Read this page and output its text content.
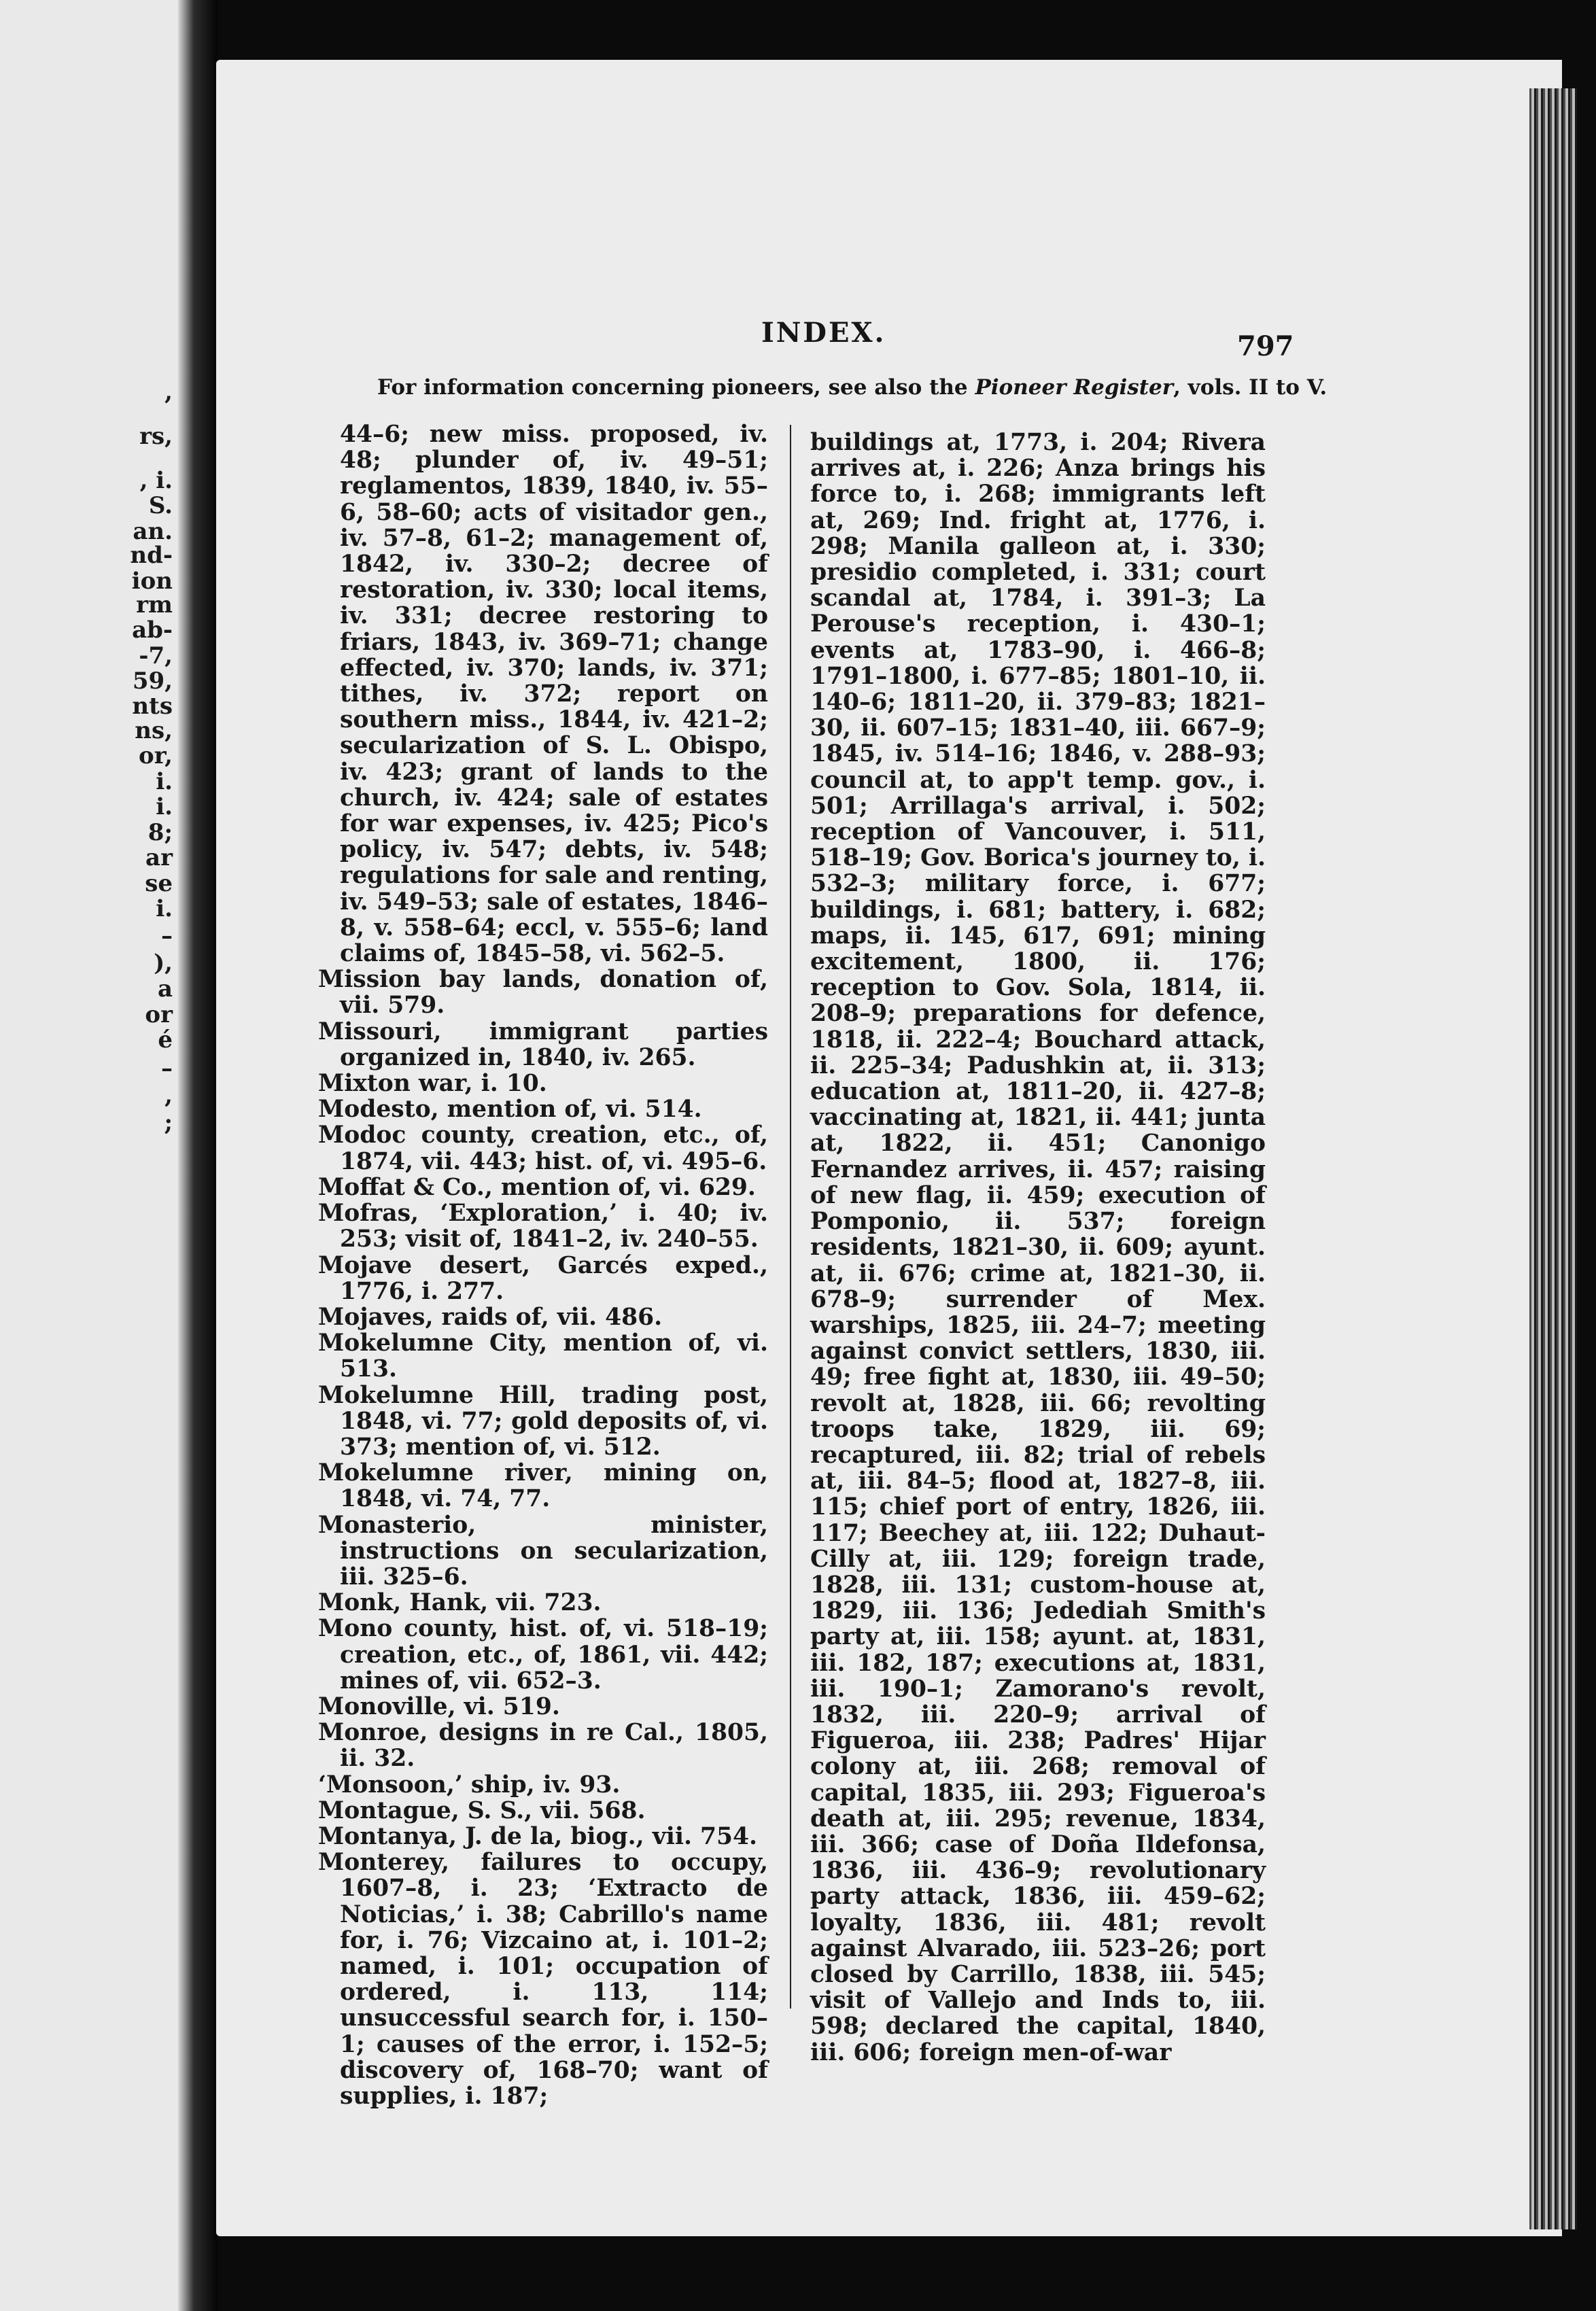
,
rs,
, i.
S.
an.
nd-
ion
rm
ab-
-7,
59,
nts
ns,
or,
i.
i.
8;
ar
se
i.
–
),
a
or
é
–
,
;
INDEX.	797
For information concerning pioneers, see also the Pioneer Register, vols. II to V.

44–6; new miss. proposed, iv. 48; plunder of, iv. 49–51; reglamentos, 1839, 1840, iv. 55–6, 58–60; acts of visitador gen., iv. 57–8, 61–2; management of, 1842, iv. 330–2; decree of restoration, iv. 330; local items, iv. 331; decree restoring to friars, 1843, iv. 369–71; change effected, iv. 370; lands, iv. 371; tithes, iv. 372; report on southern miss., 1844, iv. 421–2; secularization of S. L. Obispo, iv. 423; grant of lands to the church, iv. 424; sale of estates for war expenses, iv. 425; Pico's policy, iv. 547; debts, iv. 548; regulations for sale and renting, iv. 549–53; sale of estates, 1846–8, v. 558–64; eccl, v. 555–6; land claims of, 1845–58, vi. 562–5.

Mission bay lands, donation of, vii. 579.

Missouri, immigrant parties organized in, 1840, iv. 265.

Mixton war, i. 10.

Modesto, mention of, vi. 514.

Modoc county, creation, etc., of, 1874, vii. 443; hist. of, vi. 495–6.

Moffat & Co., mention of, vi. 629.

Mofras, ‘Exploration,’ i. 40; iv. 253; visit of, 1841–2, iv. 240–55.

Mojave desert, Garcés exped., 1776, i. 277.

Mojaves, raids of, vii. 486.

Mokelumne City, mention of, vi. 513.

Mokelumne Hill, trading post, 1848, vi. 77; gold deposits of, vi. 373; mention of, vi. 512.

Mokelumne river, mining on, 1848, vi. 74, 77.

Monasterio, minister, instructions on secularization, iii. 325–6.

Monk, Hank, vii. 723.

Mono county, hist. of, vi. 518–19; creation, etc., of, 1861, vii. 442; mines of, vii. 652–3.

Monoville, vi. 519.

Monroe, designs in re Cal., 1805, ii. 32.

‘Monsoon,’ ship, iv. 93.

Montague, S. S., vii. 568.

Montanya, J. de la, biog., vii. 754.

Monterey, failures to occupy, 1607–8, i. 23; ‘Extracto de Noticias,’ i. 38; Cabrillo's name for, i. 76; Vizcaino at, i. 101–2; named, i. 101; occupation of ordered, i. 113, 114; unsuccessful search for, i. 150–1; causes of the error, i. 152–5; discovery of, 168–70; want of supplies, i. 187;

buildings at, 1773, i. 204; Rivera arrives at, i. 226; Anza brings his force to, i. 268; immigrants left at, 269; Ind. fright at, 1776, i. 298; Manila galleon at, i. 330; presidio completed, i. 331; court scandal at, 1784, i. 391–3; La Perouse's reception, i. 430–1; events at, 1783–90, i. 466–8; 1791–1800, i. 677–85; 1801–10, ii. 140–6; 1811–20, ii. 379–83; 1821–30, ii. 607–15; 1831–40, iii. 667–9; 1845, iv. 514–16; 1846, v. 288–93; council at, to app't temp. gov., i. 501; Arrillaga's arrival, i. 502; reception of Vancouver, i. 511, 518–19; Gov. Borica's journey to, i. 532–3; military force, i. 677; buildings, i. 681; battery, i. 682; maps, ii. 145, 617, 691; mining excitement, 1800, ii. 176; reception to Gov. Sola, 1814, ii. 208–9; preparations for defence, 1818, ii. 222–4; Bouchard attack, ii. 225–34; Padushkin at, ii. 313; education at, 1811–20, ii. 427–8; vaccinating at, 1821, ii. 441; junta at, 1822, ii. 451; Canonigo Fernandez arrives, ii. 457; raising of new flag, ii. 459; execution of Pomponio, ii. 537; foreign residents, 1821–30, ii. 609; ayunt. at, ii. 676; crime at, 1821–30, ii. 678–9; surrender of Mex. warships, 1825, iii. 24–7; meeting against convict settlers, 1830, iii. 49; free fight at, 1830, iii. 49–50; revolt at, 1828, iii. 66; revolting troops take, 1829, iii. 69; recaptured, iii. 82; trial of rebels at, iii. 84–5; flood at, 1827–8, iii. 115; chief port of entry, 1826, iii. 117; Beechey at, iii. 122; Duhaut-Cilly at, iii. 129; foreign trade, 1828, iii. 131; custom-house at, 1829, iii. 136; Jedediah Smith's party at, iii. 158; ayunt. at, 1831, iii. 182, 187; executions at, 1831, iii. 190–1; Zamorano's revolt, 1832, iii. 220–9; arrival of Figueroa, iii. 238; Padres' Hijar colony at, iii. 268; removal of capital, 1835, iii. 293; Figueroa's death at, iii. 295; revenue, 1834, iii. 366; case of Doña Ildefonsa, 1836, iii. 436–9; revolutionary party attack, 1836, iii. 459–62; loyalty, 1836, iii. 481; revolt against Alvarado, iii. 523–26; port closed by Carrillo, 1838, iii. 545; visit of Vallejo and Inds to, iii. 598; declared the capital, 1840, iii. 606; foreign men-of-war
